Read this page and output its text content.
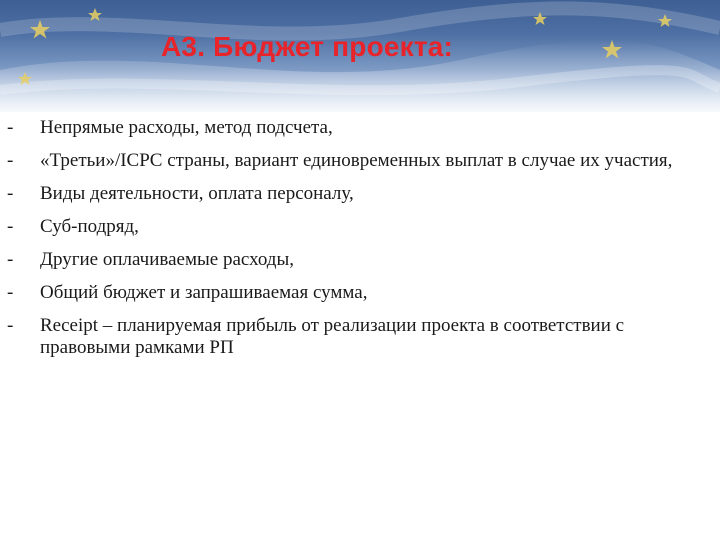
А3. Бюджет проекта:
- Непрямые расходы, метод подсчета,
- «Третьи»/ICPC страны, вариант единовременных выплат в случае их участия,
- Виды деятельности, оплата персоналу,
- Суб-подряд,
- Другие оплачиваемые расходы,
- Общий бюджет и запрашиваемая сумма,
- Receipt – планируемая прибыль от реализации проекта в соответствии с правовыми рамками РП
